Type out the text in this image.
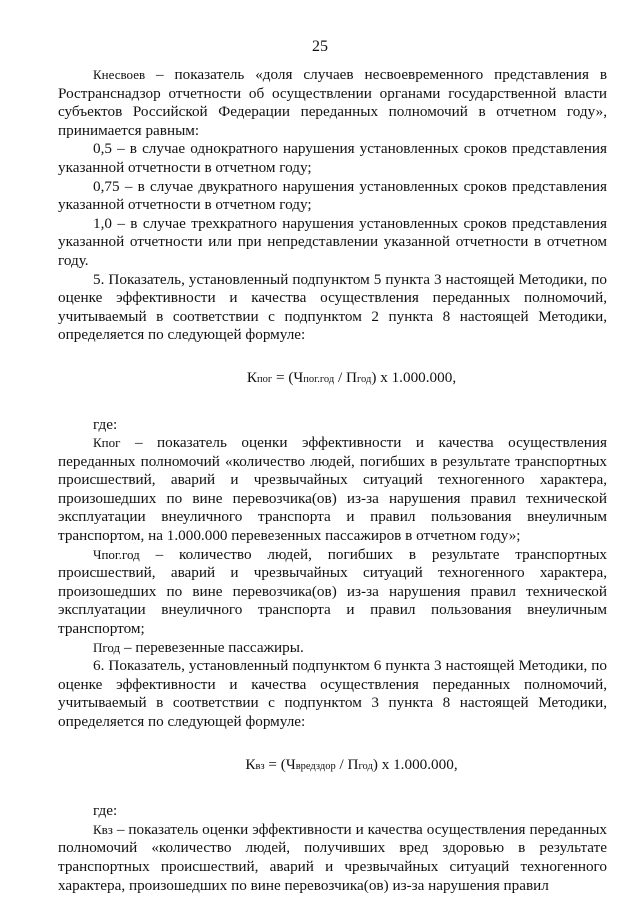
25

Кнесвоев – показатель «доля случаев несвоевременного представления в Ространснадзор отчетности об осуществлении органами государственной власти субъектов Российской Федерации переданных полномочий в отчетном году», принимается равным:

0,5 – в случае однократного нарушения установленных сроков представления указанной отчетности в отчетном году;

0,75 – в случае двукратного нарушения установленных сроков представления указанной отчетности в отчетном году;

1,0 – в случае трехкратного нарушения установленных сроков представления указанной отчетности или при непредставлении указанной отчетности в отчетном году.

5. Показатель, установленный подпунктом 5 пункта 3 настоящей Методики, по оценке эффективности и качества осуществления переданных полномочий, учитываемый в соответствии с подпунктом 2 пункта 8 настоящей Методики, определяется по следующей формуле:

Кпог = (Чпог.год / Пгод) х 1.000.000,

где:

Кпог – показатель оценки эффективности и качества осуществления переданных полномочий «количество людей, погибших в результате транспортных происшествий, аварий и чрезвычайных ситуаций техногенного характера, произошедших по вине перевозчика(ов) из-за нарушения правил технической эксплуатации внеуличного транспорта и правил пользования внеуличным транспортом, на 1.000.000 перевезенных пассажиров в отчетном году»;

Чпог.год – количество людей, погибших в результате транспортных происшествий, аварий и чрезвычайных ситуаций техногенного характера, произошедших по вине перевозчика(ов) из-за нарушения правил технической эксплуатации внеуличного транспорта и правил пользования внеуличным транспортом;

Пгод – перевезенные пассажиры.

6. Показатель, установленный подпунктом 6 пункта 3 настоящей Методики, по оценке эффективности и качества осуществления переданных полномочий, учитываемый в соответствии с подпунктом 3 пункта 8 настоящей Методики, определяется по следующей формуле:

Квз = (Чвредздор / Пгод) х 1.000.000,

где:

Квз – показатель оценки эффективности и качества осуществления переданных полномочий «количество людей, получивших вред здоровью в результате транспортных происшествий, аварий и чрезвычайных ситуаций техногенного характера, произошедших по вине перевозчика(ов) из-за нарушения правил
